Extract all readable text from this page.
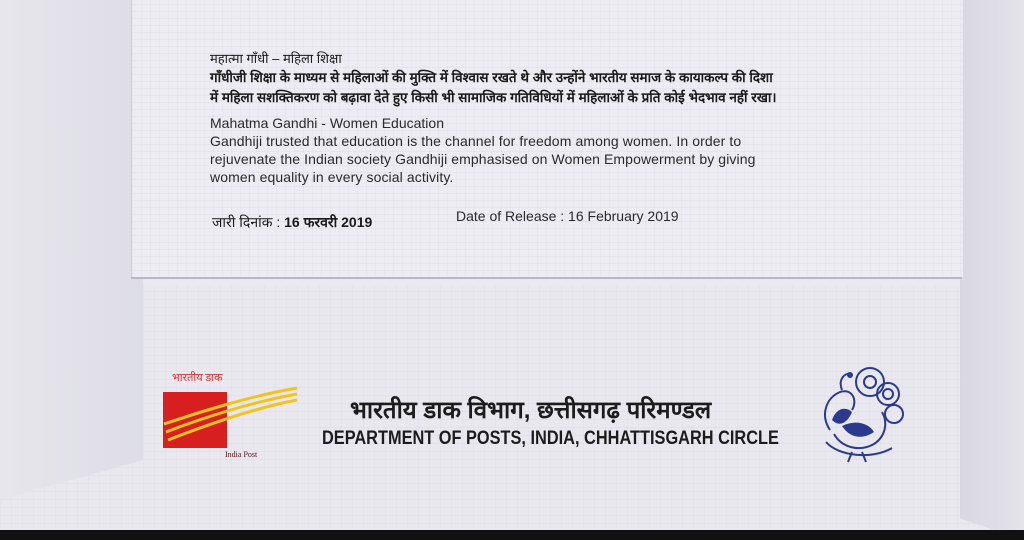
महात्मा गाँधी – महिला शिक्षा
गाँधीजी शिक्षा के माध्यम से महिलाओं की मुक्ति में विश्वास रखते थे और उन्होंने भारतीय समाज के कायाकल्प की दिशा
में महिला सशक्तिकरण को बढ़ावा देते हुए किसी भी सामाजिक गतिविधियों में महिलाओं के प्रति कोई भेदभाव नहीं रखा।
Mahatma Gandhi - Women Education
Gandhiji trusted that education is the channel for freedom among women. In order to
rejuvenate the Indian society Gandhiji emphasised on Women Empowerment by giving
women equality in every social activity.
जारी दिनांक : 16 फरवरी 2019	Date of Release : 16 February 2019
भारतीय डाक
India Post
भारतीय डाक विभाग, छत्तीसगढ़ परिमण्डल
DEPARTMENT OF POSTS, INDIA, CHHATTISGARH CIRCLE
